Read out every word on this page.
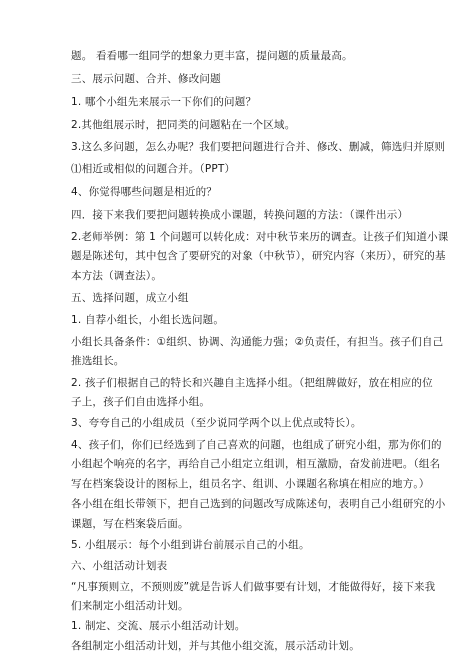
题。 看看哪一组同学的想象力更丰富，提问题的质量最高。
三、展示问题、合并、修改问题
1. 哪个小组先来展示一下你们的问题？
2.其他组展示时，把同类的问题粘在一个区域。
3.这么多问题，怎么办呢？我们要把问题进行合并、修改、删减，筛选归并原则
⑴相近或相似的问题合并。（PPT）
4、你觉得哪些问题是相近的？
四．接下来我们要把问题转换成小课题，转换问题的方法：（课件出示）
2.老师举例：第 1 个问题可以转化成：对中秋节来历的调查。让孩子们知道小课
题是陈述句，其中包含了要研究的对象（中秋节），研究内容（来历），研究的基
本方法（调查法）。
五、选择问题，成立小组
1. 自荐小组长，小组长选问题。
小组长具备条件：①组织、协调、沟通能力强；②负责任，有担当。孩子们自己
推选组长。
2. 孩子们根据自己的特长和兴趣自主选择小组。（把组牌做好，放在相应的位
子上，孩子们自由选择小组。
3、夸夸自己的小组成员（至少说同学两个以上优点或特长）。
4、孩子们，你们已经选到了自己喜欢的问题，也组成了研究小组，那为你们的
小组起个响亮的名字，再给自己小组定立组训，相互激励，奋发前进吧。（组名
写在档案袋设计的图标上，组员名字、组训、小课题名称填在相应的地方。）
各小组在组长带领下，把自己选到的问题改写成陈述句，表明自己小组研究的小
课题，写在档案袋后面。
5. 小组展示：每个小组到讲台前展示自己的小组。
六、小组活动计划表
“凡事预则立，不预则废”就是告诉人们做事要有计划，才能做得好，接下来我
们来制定小组活动计划。
1. 制定、交流、展示小组活动计划。
各组制定小组活动计划，并与其他小组交流，展示活动计划。
